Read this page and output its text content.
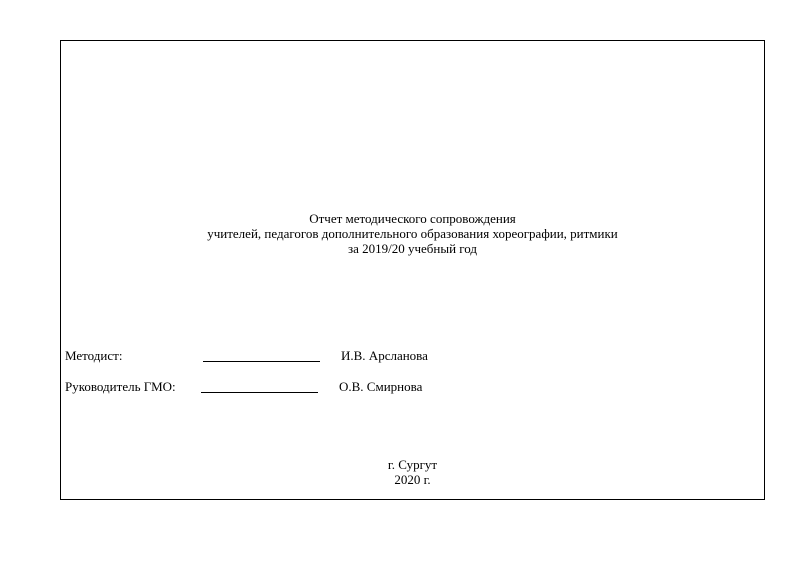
Отчет методического сопровождения
учителей, педагогов дополнительного образования хореографии, ритмики
за 2019/20 учебный год
Методист:	И.В. Арсланова
Руководитель ГМО:	О.В. Смирнова
г. Сургут
2020 г.
